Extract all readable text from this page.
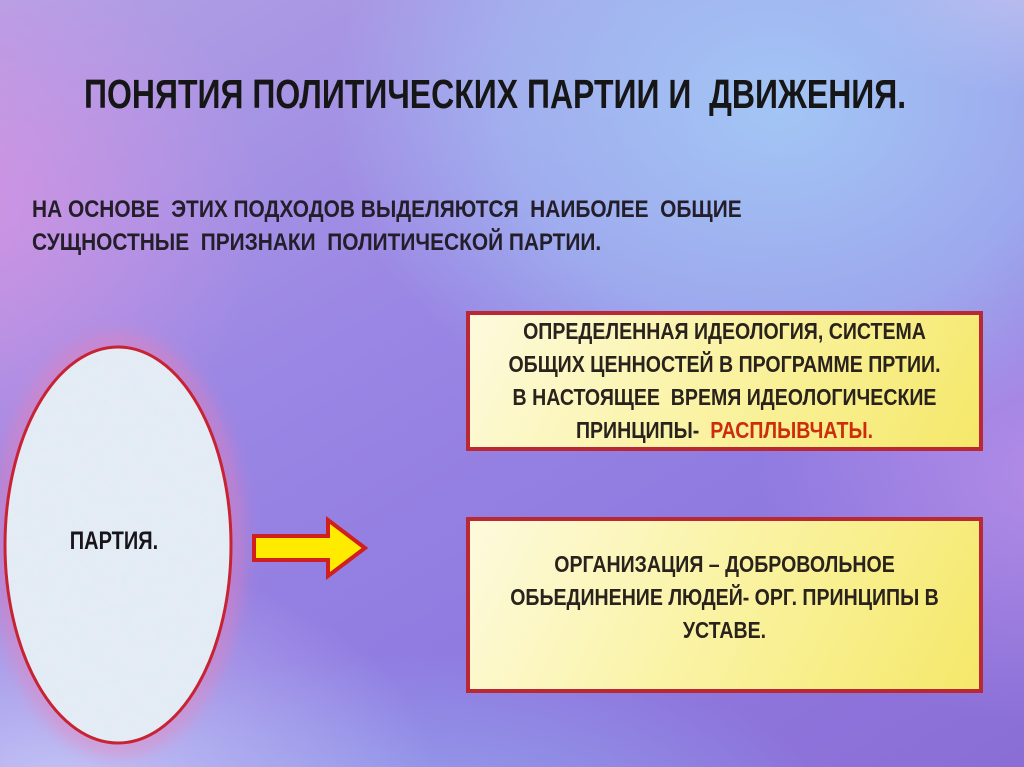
ПОНЯТИЯ ПОЛИТИЧЕСКИХ ПАРТИИ И  ДВИЖЕНИЯ.
НА ОСНОВЕ  ЭТИХ ПОДХОДОВ ВЫДЕЛЯЮТСЯ  НАИБОЛЕЕ  ОБЩИЕ
СУЩНОСТНЫЕ  ПРИЗНАКИ  ПОЛИТИЧЕСКОЙ ПАРТИИ.
ПАРТИЯ.
ОПРЕДЕЛЕННАЯ ИДЕОЛОГИЯ, СИСТЕМА
ОБЩИХ ЦЕННОСТЕЙ В ПРОГРАММЕ ПРТИИ.
В НАСТОЯЩЕЕ  ВРЕМЯ ИДЕОЛОГИЧЕСКИЕ
ПРИНЦИПЫ- РАСПЛЫВЧАТЫ.
ОРГАНИЗАЦИЯ – ДОБРОВОЛЬНОЕ
ОБЬЕДИНЕНИЕ ЛЮДЕЙ- ОРГ. ПРИНЦИПЫ В
УСТАВЕ.
